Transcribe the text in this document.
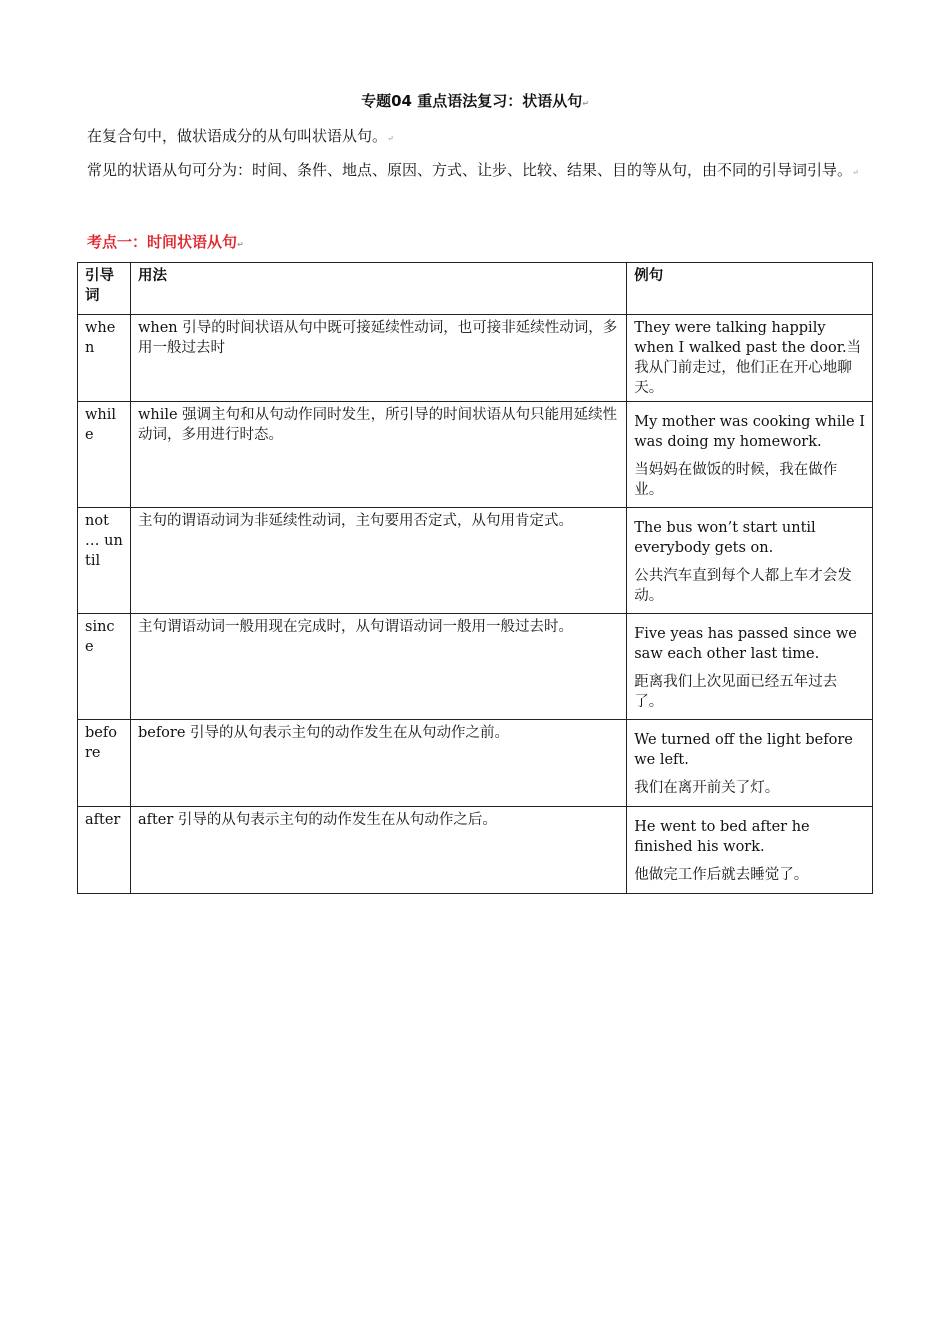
专题04 重点语法复习：状语从句↵
在复合句中，做状语成分的从句叫状语从句。↵
常见的状语从句可分为：时间、条件、地点、原因、方式、让步、比较、结果、目的等从句，由不同的引导词引导。↵
考点一：时间状语从句↵
引导词	用法	例句
when	when 引导的时间状语从句中既可接延续性动词，也可接非延续性动词，多用一般过去时	They were talking happily when I walked past the door.当我从门前走过，他们正在开心地聊天。

while	while 强调主句和从句动作同时发生，所引导的时间状语从句只能用延续性动词，多用进行时态。	My mother was cooking while I was doing my homework.

当妈妈在做饭的时候，我在做作业。

not … until	主句的谓语动词为非延续性动词，主句要用否定式，从句用肯定式。	The bus won’t start until everybody gets on.

公共汽车直到每个人都上车才会发动。

since	主句谓语动词一般用现在完成时，从句谓语动词一般用一般过去时。	Five yeas has passed since we saw each other last time.

距离我们上次见面已经五年过去了。

before	before 引导的从句表示主句的动作发生在从句动作之前。	We turned off the light before we left.

我们在离开前关了灯。

after	after 引导的从句表示主句的动作发生在从句动作之后。	He went to bed after he finished his work.

他做完工作后就去睡觉了。
